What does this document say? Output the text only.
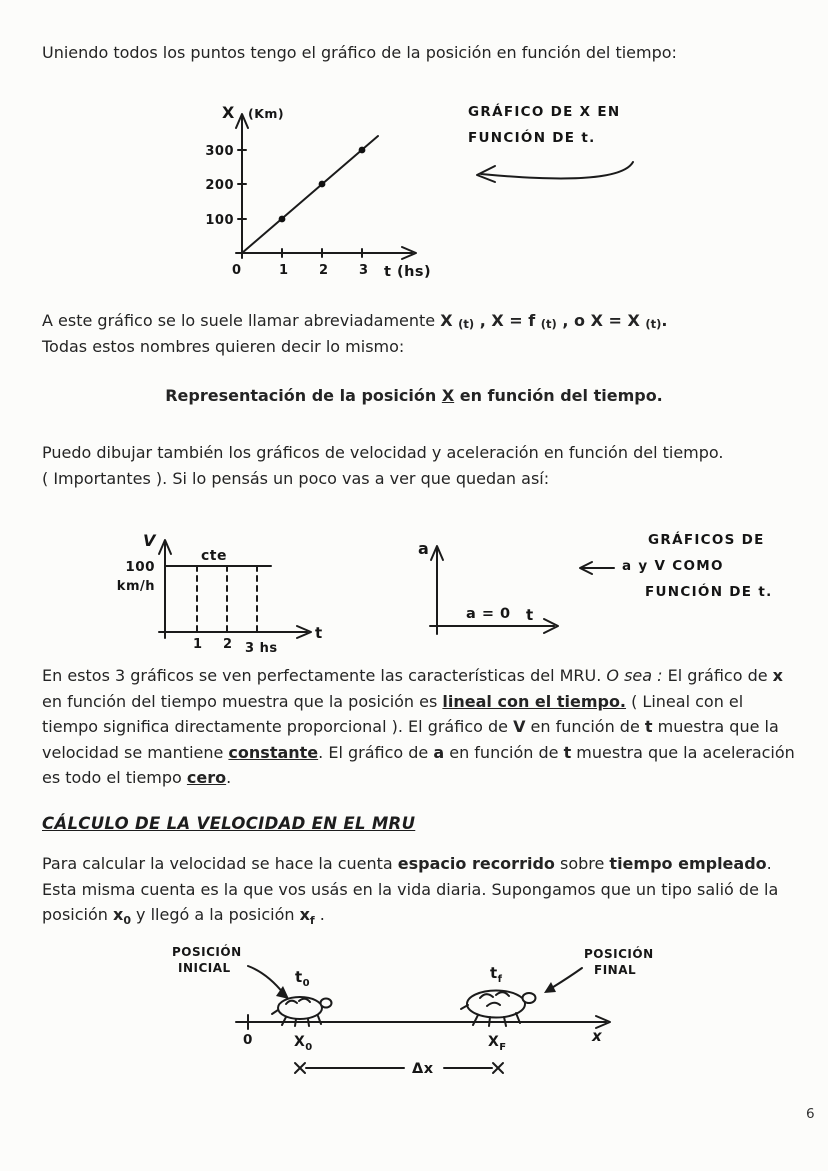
Uniendo todos los puntos tengo el gráfico de la posición en función del tiempo:

X (Km)
300
200
100
0	1 2 3 t (hs)
GRÁFICO DE X EN
FUNCIÓN DE t.

A este gráfico se lo suele llamar abreviadamente X (t) , X = f (t) , o X = X (t).
Todas estos nombres quieren decir lo mismo:

Representación de la posición X en función del tiempo.

Puedo dibujar también los gráficos de velocidad y aceleración en función del tiempo.
( Importantes ). Si lo pensás un poco vas a ver que quedan así:

V
100
km/h
cte
1 2 3 hs
t
a
a = 0 t
GRÁFICOS DE
a y V COMO
FUNCIÓN DE t.

En estos 3 gráficos se ven perfectamente las características del MRU. O sea : El gráfico de x en función del tiempo muestra que la posición es lineal con el tiempo. ( Lineal con el tiempo significa directamente proporcional ). El gráfico de V en función de t muestra que la velocidad se mantiene constante. El gráfico de a en función de t muestra que la aceleración es todo el tiempo cero.

CÁLCULO DE LA VELOCIDAD EN EL MRU

Para calcular la velocidad se hace la cuenta espacio recorrido sobre tiempo empleado. Esta misma cuenta es la que vos usás en la vida diaria. Supongamos que un tipo salió de la posición $x_0$ y llegó a la posición $x_f$ .

$t_0$
$t_f$
POSICIÓN
INICIAL
POSICIÓN
FINAL
0	$X_0$	$X_F$
x
Δx
6
